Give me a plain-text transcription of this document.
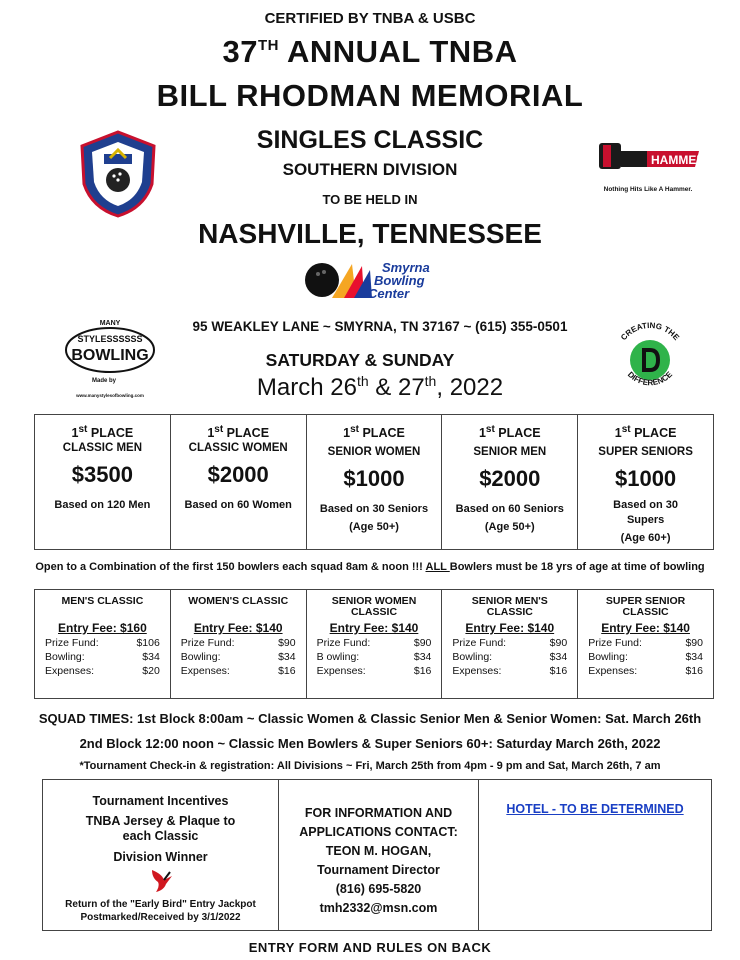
CERTIFIED BY TNBA & USBC
37TH ANNUAL TNBA
BILL RHODMAN MEMORIAL
SINGLES CLASSIC
SOUTHERN DIVISION
TO BE HELD IN
NASHVILLE, TENNESSEE
HAMMER
Nothing Hits Like A Hammer.
Smyrna
Bowling
Center
MANY
STYLESSSSSS
BOWLING
Made by
www.manystylesofbowling.com
CREATING THE
DIFFERENCE
95 WEAKLEY LANE ~ SMYRNA, TN 37167 ~ (615) 355-0501
SATURDAY & SUNDAY
March 26th & 27th, 2022
1st PLACE
CLASSIC MEN
$3500
Based on 120 Men
1st PLACE
CLASSIC WOMEN
$2000
Based on 60 Women
1st PLACE
SENIOR WOMEN
$1000
Based on 30 Seniors
(Age 50+)
1st PLACE
SENIOR MEN
$2000
Based on 60 Seniors
(Age 50+)
1st PLACE
SUPER SENIORS
$1000
Based on 30 Supers
(Age 60+)
Open to a Combination of the first 150 bowlers each squad 8am & noon !!! ALL Bowlers must be 18 yrs of age at time of bowling
MEN'S CLASSIC
Entry Fee: $160
Prize Fund:	$106
Bowling:	$34
Expenses:	$20
WOMEN'S CLASSIC
Entry Fee: $140
Prize Fund:	$90
Bowling:	$34
Expenses:	$16
SENIOR WOMEN CLASSIC
Entry Fee: $140
Prize Fund:	$90
B owling:	$34
Expenses:	$16
SENIOR MEN'S CLASSIC
Entry Fee: $140
Prize Fund:	$90
Bowling:	$34
Expenses:	$16
SUPER SENIOR CLASSIC
Entry Fee: $140
Prize Fund:	$90
Bowling:	$34
Expenses:	$16
SQUAD TIMES: 1st Block 8:00am ~ Classic Women & Classic Senior Men & Senior Women: Sat. March 26th
2nd Block 12:00 noon ~ Classic Men Bowlers & Super Seniors 60+: Saturday March 26th, 2022
*Tournament Check-in & registration: All Divisions ~ Fri, March 25th from 4pm - 9 pm and Sat, March 26th, 7 am
Tournament Incentives
TNBA Jersey & Plaque to each Classic
Division Winner
Return of the "Early Bird" Entry Jackpot
Postmarked/Received by 3/1/2022
FOR INFORMATION AND
APPLICATIONS CONTACT:
TEON M. HOGAN,
Tournament Director
(816) 695-5820
tmh2332@msn.com
HOTEL - TO BE DETERMINED
ENTRY FORM AND RULES ON BACK
